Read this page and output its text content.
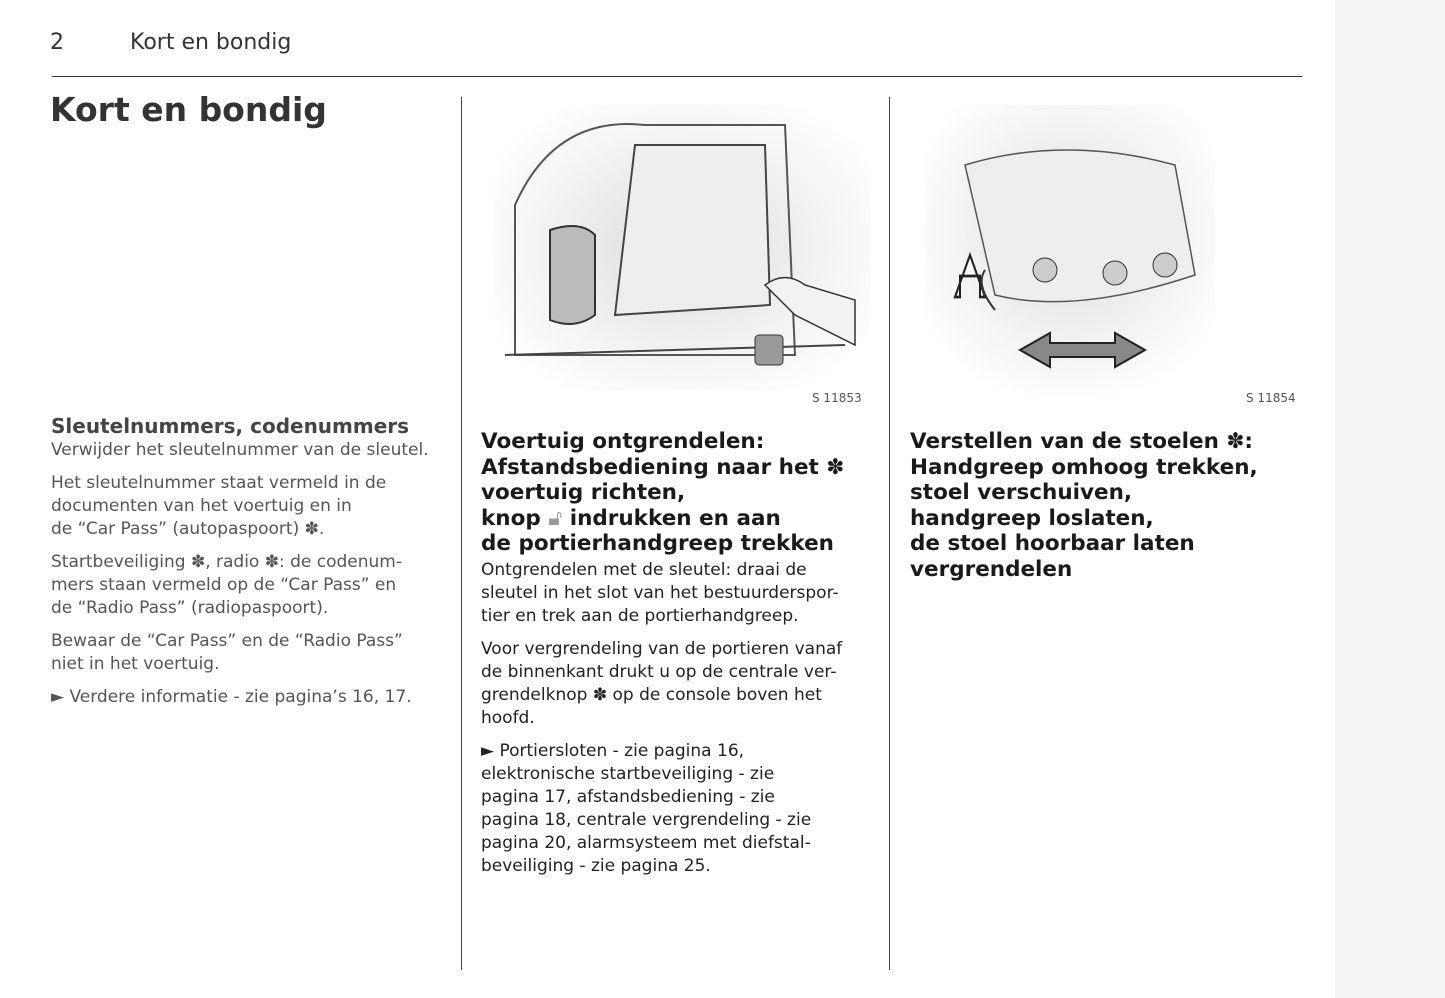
2	Kort en bondig
Kort en bondig
Sleutelnummers, codenummers
Verwijder het sleutelnummer van de sleutel.
Het sleutelnummer staat vermeld in de
documenten van het voertuig en in
de “Car Pass” (autopaspoort) ✽.
Startbeveiliging ✽, radio ✽: de codenum-
mers staan vermeld op de “Car Pass” en
de “Radio Pass” (radiopaspoort).
Bewaar de “Car Pass” en de “Radio Pass”
niet in het voertuig.
► Verdere informatie - zie pagina’s 16, 17.
S 11853
Voertuig ontgrendelen:
Afstandsbediening naar het ✽
voertuig richten,
knop 🔓︎ indrukken en aan
de portierhandgreep trekken
Ontgrendelen met de sleutel: draai de
sleutel in het slot van het bestuurderspor-
tier en trek aan de portierhandgreep.
Voor vergrendeling van de portieren vanaf
de binnenkant drukt u op de centrale ver-
grendelknop ✽ op de console boven het
hoofd.
► Portiersloten - zie pagina 16,
elektronische startbeveiliging - zie
pagina 17, afstandsbediening - zie
pagina 18, centrale vergrendeling - zie
pagina 20, alarmsysteem met diefstal-
beveiliging - zie pagina 25.
S 11854
Verstellen van de stoelen ✽:
Handgreep omhoog trekken,
stoel verschuiven,
handgreep loslaten,
de stoel hoorbaar laten
vergrendelen
